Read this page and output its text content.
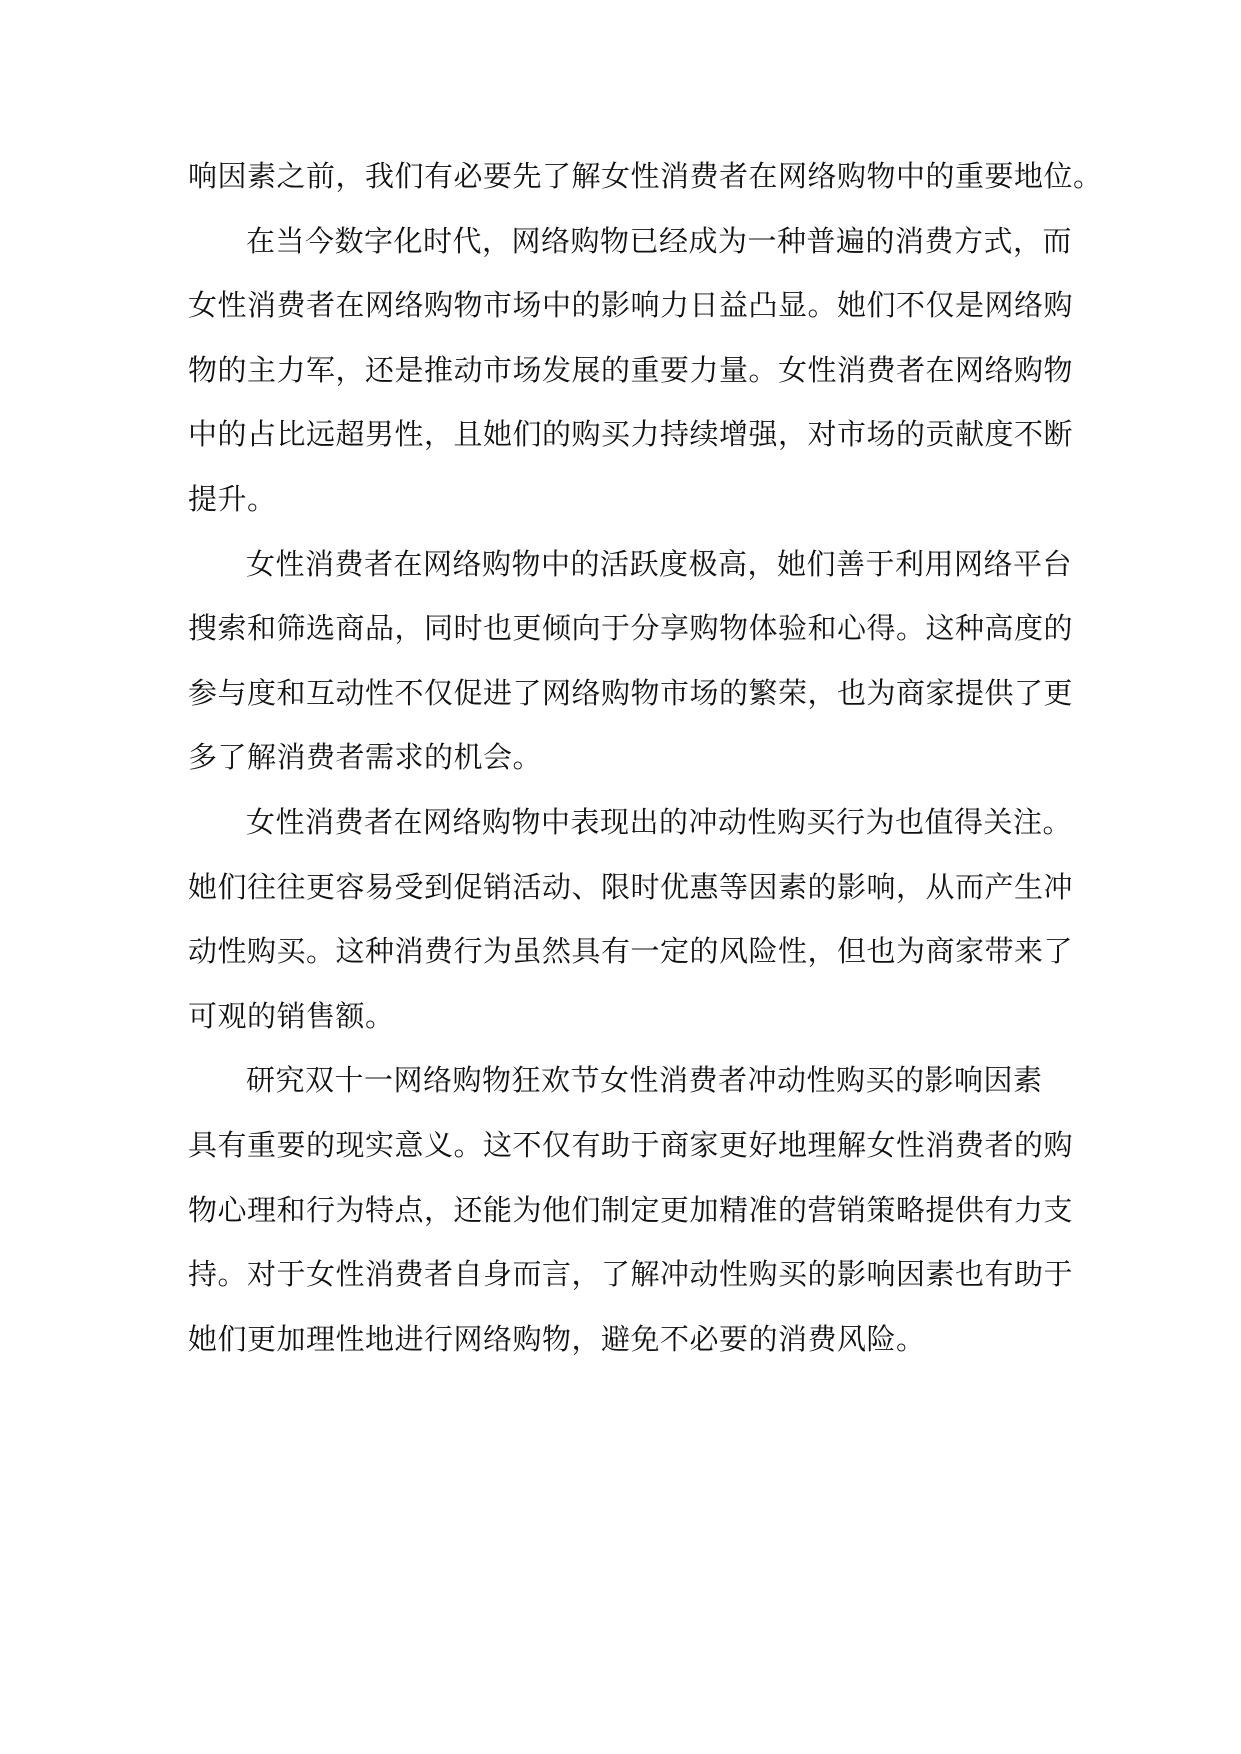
响因素之前，我们有必要先了解女性消费者在网络购物中的重要地位。
在当今数字化时代，网络购物已经成为一种普遍的消费方式，而
女性消费者在网络购物市场中的影响力日益凸显。她们不仅是网络购
物的主力军，还是推动市场发展的重要力量。女性消费者在网络购物
中的占比远超男性，且她们的购买力持续增强，对市场的贡献度不断
提升。
女性消费者在网络购物中的活跃度极高，她们善于利用网络平台
搜索和筛选商品，同时也更倾向于分享购物体验和心得。这种高度的
参与度和互动性不仅促进了网络购物市场的繁荣，也为商家提供了更
多了解消费者需求的机会。
女性消费者在网络购物中表现出的冲动性购买行为也值得关注。
她们往往更容易受到促销活动、限时优惠等因素的影响，从而产生冲
动性购买。这种消费行为虽然具有一定的风险性，但也为商家带来了
可观的销售额。
研究双十一网络购物狂欢节女性消费者冲动性购买的影响因素
具有重要的现实意义。这不仅有助于商家更好地理解女性消费者的购
物心理和行为特点，还能为他们制定更加精准的营销策略提供有力支
持。对于女性消费者自身而言，了解冲动性购买的影响因素也有助于
她们更加理性地进行网络购物，避免不必要的消费风险。
